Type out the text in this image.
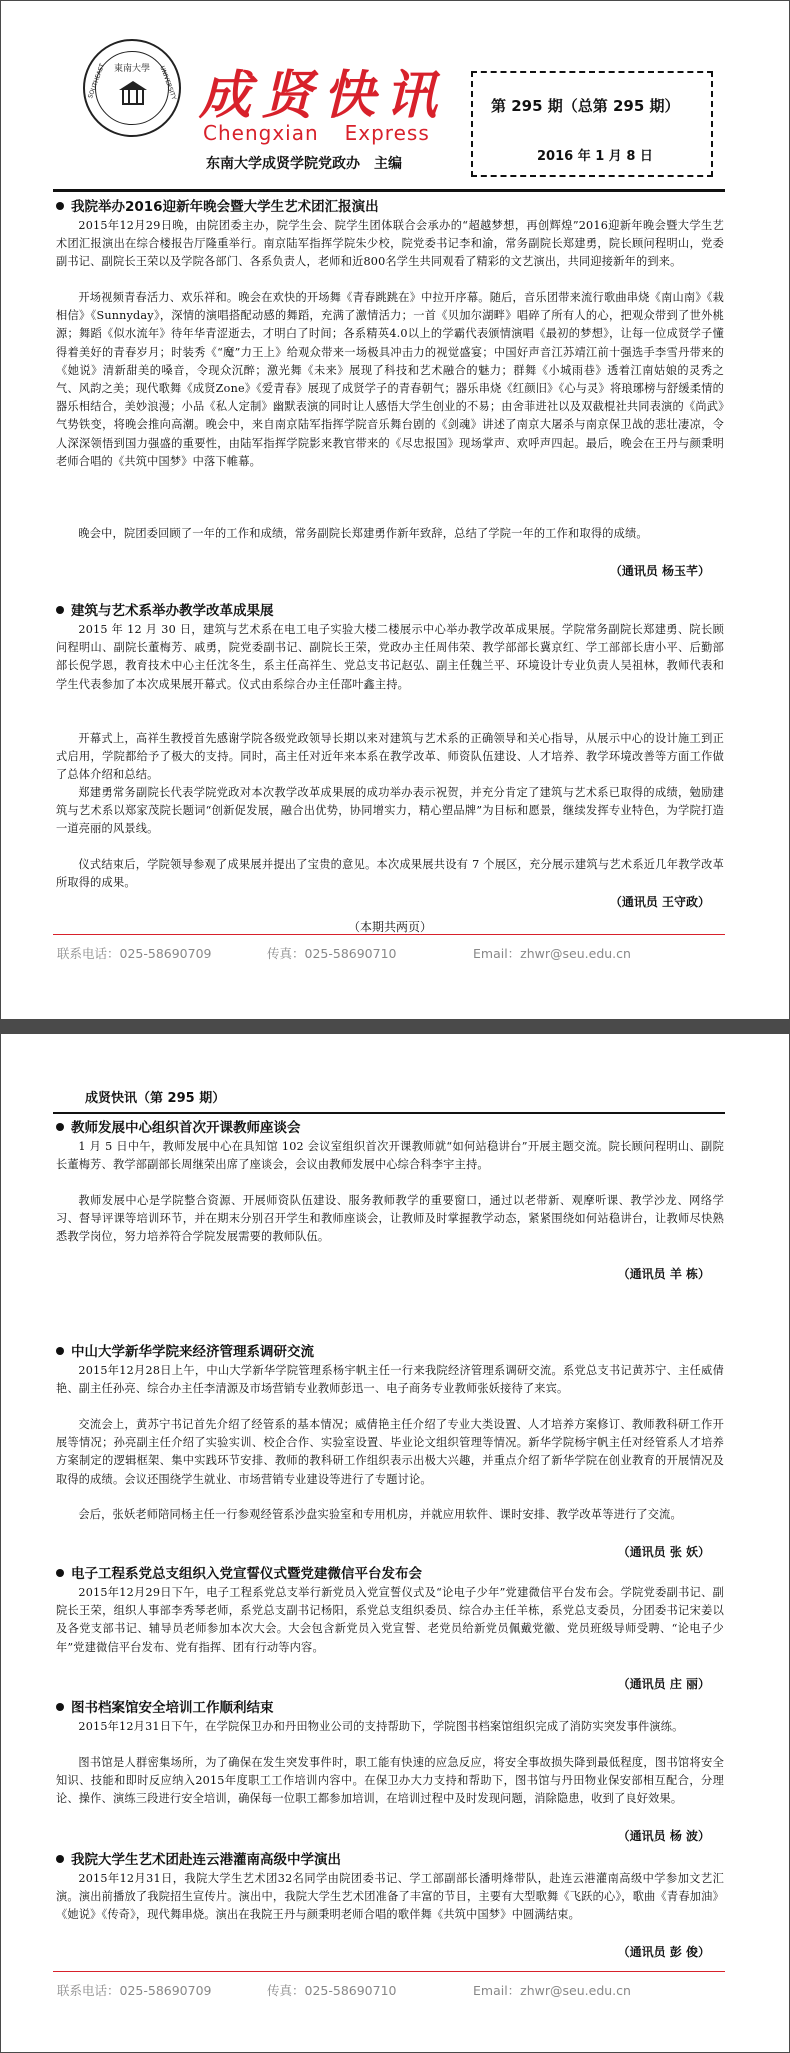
東南大學
SOUTHEAST	UNIVERSITY 成贤快讯
Chengxian Express
东南大学成贤学院党政办　主编
第 295 期（总第 295 期）
2016 年 1 月 8 日
我院举办2016迎新年晚会暨大学生艺术团汇报演出
2015年12月29日晚，由院团委主办，院学生会、院学生团体联合会承办的“超越梦想，再创辉煌”2016迎新年晚会暨大学生艺术团汇报演出在综合楼报告厅隆重举行。南京陆军指挥学院朱少校，院党委书记李和渝，常务副院长郑建勇，院长顾问程明山，党委副书记、副院长王荣以及学院各部门、各系负责人，老师和近800名学生共同观看了精彩的文艺演出，共同迎接新年的到来。
开场视频青春活力、欢乐祥和。晚会在欢快的开场舞《青春跳跳在》中拉开序幕。随后，音乐团带来流行歌曲串烧《南山南》《栽相信》《Sunnyday》，深情的演唱搭配动感的舞蹈，充满了激情活力；一首《贝加尔湖畔》唱碎了所有人的心，把观众带到了世外桃源；舞蹈《似水流年》待年华青涩逝去，才明白了时间；各系精英4.0以上的学霸代表颁情演唱《最初的梦想》，让每一位成贤学子懂得着美好的青春岁月；时装秀《“魔”力王上》给观众带来一场极具冲击力的视觉盛宴；中国好声音江苏靖江前十强选手李雪丹带来的《她说》清新甜美的嗓音，令现众沉醉；激光舞《未来》展现了科技和艺术融合的魅力；群舞《小城雨巷》透着江南姑娘的灵秀之气、风韵之美；现代歌舞《成贤Zone》《爱青春》展现了成贤学子的青春朝气；器乐串烧《红颜旧》《心与灵》将琅琊榜与舒缓柔情的器乐相结合，美妙浪漫；小品《私人定制》幽默表演的同时让人感悟大学生创业的不易；由舍菲进社以及双截棍社共同表演的《尚武》气势铁变，将晚会推向高潮。晚会中，来自南京陆军指挥学院音乐舞台剧的《剑魂》讲述了南京大屠杀与南京保卫战的悲壮凄凉，令人深深领悟到国力强盛的重要性，由陆军指挥学院影来教官带来的《尽忠报国》现场掌声、欢呼声四起。最后，晚会在王丹与颜秉明老师合唱的《共筑中国梦》中落下帷幕。
晚会中，院团委回顾了一年的工作和成绩，常务副院长郑建勇作新年致辞，总结了学院一年的工作和取得的成绩。
（通讯员 杨玉芊）
建筑与艺术系举办教学改革成果展
2015 年 12 月 30 日，建筑与艺术系在电工电子实验大楼二楼展示中心举办教学改革成果展。学院常务副院长郑建勇、院长顾问程明山、副院长董梅芳、戚勇，院党委副书记、副院长王荣，党政办主任周伟荣、教学部部长冀京红、学工部部长唐小平、后勤部部长倪学恩，教育技术中心主任沈冬生，系主任高祥生、党总支书记赵弘、副主任魏兰平、环境设计专业负责人吴祖林，教师代表和学生代表参加了本次成果展开幕式。仪式由系综合办主任邵叶鑫主持。
开幕式上，高祥生教授首先感谢学院各级党政领导长期以来对建筑与艺术系的正确领导和关心指导，从展示中心的设计施工到正式启用，学院都给予了极大的支持。同时，高主任对近年来本系在教学改革、师资队伍建设、人才培养、教学环境改善等方面工作做了总体介绍和总结。
郑建勇常务副院长代表学院党政对本次教学改革成果展的成功举办表示祝贺，并充分肯定了建筑与艺术系已取得的成绩，勉励建筑与艺术系以郑家茂院长题词“创新促发展，融合出优势，协同增实力，精心塑品牌”为目标和愿景，继续发挥专业特色，为学院打造一道亮丽的风景线。
仪式结束后，学院领导参观了成果展并提出了宝贵的意见。本次成果展共设有 7 个展区，充分展示建筑与艺术系近几年教学改革所取得的成果。
（通讯员 王守政）
（本期共两页）
联系电话：025-58690709	传真：025-58690710	Email：zhwr@seu.edu.cn
成贤快讯（第 295 期）
教师发展中心组织首次开课教师座谈会
1 月 5 日中午，教师发展中心在具知馆 102 会议室组织首次开课教师就“如何站稳讲台”开展主题交流。院长顾问程明山、副院长董梅芳、教学部副部长周继荣出席了座谈会，会议由教师发展中心综合科李宇主持。
教师发展中心是学院整合资源、开展师资队伍建设、服务教师教学的重要窗口，通过以老带新、观摩听课、教学沙龙、网络学习、督导评课等培训环节，并在期末分别召开学生和教师座谈会，让教师及时掌握教学动态，紧紧围绕如何站稳讲台，让教师尽快熟悉教学岗位，努力培养符合学院发展需要的教师队伍。
（通讯员 羊 栋）
中山大学新华学院来经济管理系调研交流
2015年12月28日上午，中山大学新华学院管理系杨宇帆主任一行来我院经济管理系调研交流。系党总支书记黄苏宁、主任威倩艳、副主任孙亮、综合办主任李清源及市场营销专业教师彭迅一、电子商务专业教师张妖接待了来宾。
交流会上，黄苏宁书记首先介绍了经管系的基本情况；威倩艳主任介绍了专业大类设置、人才培养方案修订、教师教科研工作开展等情况；孙亮副主任介绍了实验实训、校企合作、实验室设置、毕业论文组织管理等情况。新华学院杨宇帆主任对经管系人才培养方案制定的逻辑框架、集中实践环节安排、教师的教科研工作组织表示出极大兴趣，并重点介绍了新华学院在创业教育的开展情况及取得的成绩。会议还围绕学生就业、市场营销专业建设等进行了专题讨论。
会后，张妖老师陪同杨主任一行参观经管系沙盘实验室和专用机房，并就应用软件、课时安排、教学改革等进行了交流。
（通讯员 张 妖）
电子工程系党总支组织入党宣誓仪式暨党建微信平台发布会
2015年12月29日下午，电子工程系党总支举行新党员入党宣誓仪式及“论电子少年”党建微信平台发布会。学院党委副书记、副院长王荣，组织人事部李秀琴老师，系党总支副书记杨阳，系党总支组织委员、综合办主任羊栋，系党总支委员，分团委书记宋姜以及各党支部书记、辅导员老师参加本次大会。大会包含新党员入党宣誓、老党员给新党员佩戴党徽、党员班级导师受聘、“论电子少年”党建微信平台发布、党有指挥、团有行动等内容。
（通讯员 庄 丽）
图书档案馆安全培训工作顺利结束
2015年12月31日下午，在学院保卫办和丹田物业公司的支持帮助下，学院图书档案馆组织完成了消防实突发事件演练。
图书馆是人群密集场所，为了确保在发生突发事件时，职工能有快速的应急反应，将安全事故损失降到最低程度，图书馆将安全知识、技能和即时反应纳入2015年度职工工作培训内容中。在保卫办大力支持和帮助下，图书馆与丹田物业保安部相互配合，分理论、操作、演练三段进行安全培训，确保每一位职工都参加培训，在培训过程中及时发现问题，消除隐患，收到了良好效果。
（通讯员 杨 波）
我院大学生艺术团赴连云港灌南高级中学演出
2015年12月31日，我院大学生艺术团32名同学由院团委书记、学工部副部长潘明烽带队，赴连云港灌南高级中学参加文艺汇演。演出前播放了我院招生宣传片。演出中，我院大学生艺术团准备了丰富的节目，主要有大型歌舞《飞跃的心》，歌曲《青春加油》《她说》《传奇》，现代舞串烧。演出在我院王丹与颜秉明老师合唱的歌伴舞《共筑中国梦》中圆满结束。
（通讯员 彭 俊）
联系电话：025-58690709	传真：025-58690710	Email：zhwr@seu.edu.cn
